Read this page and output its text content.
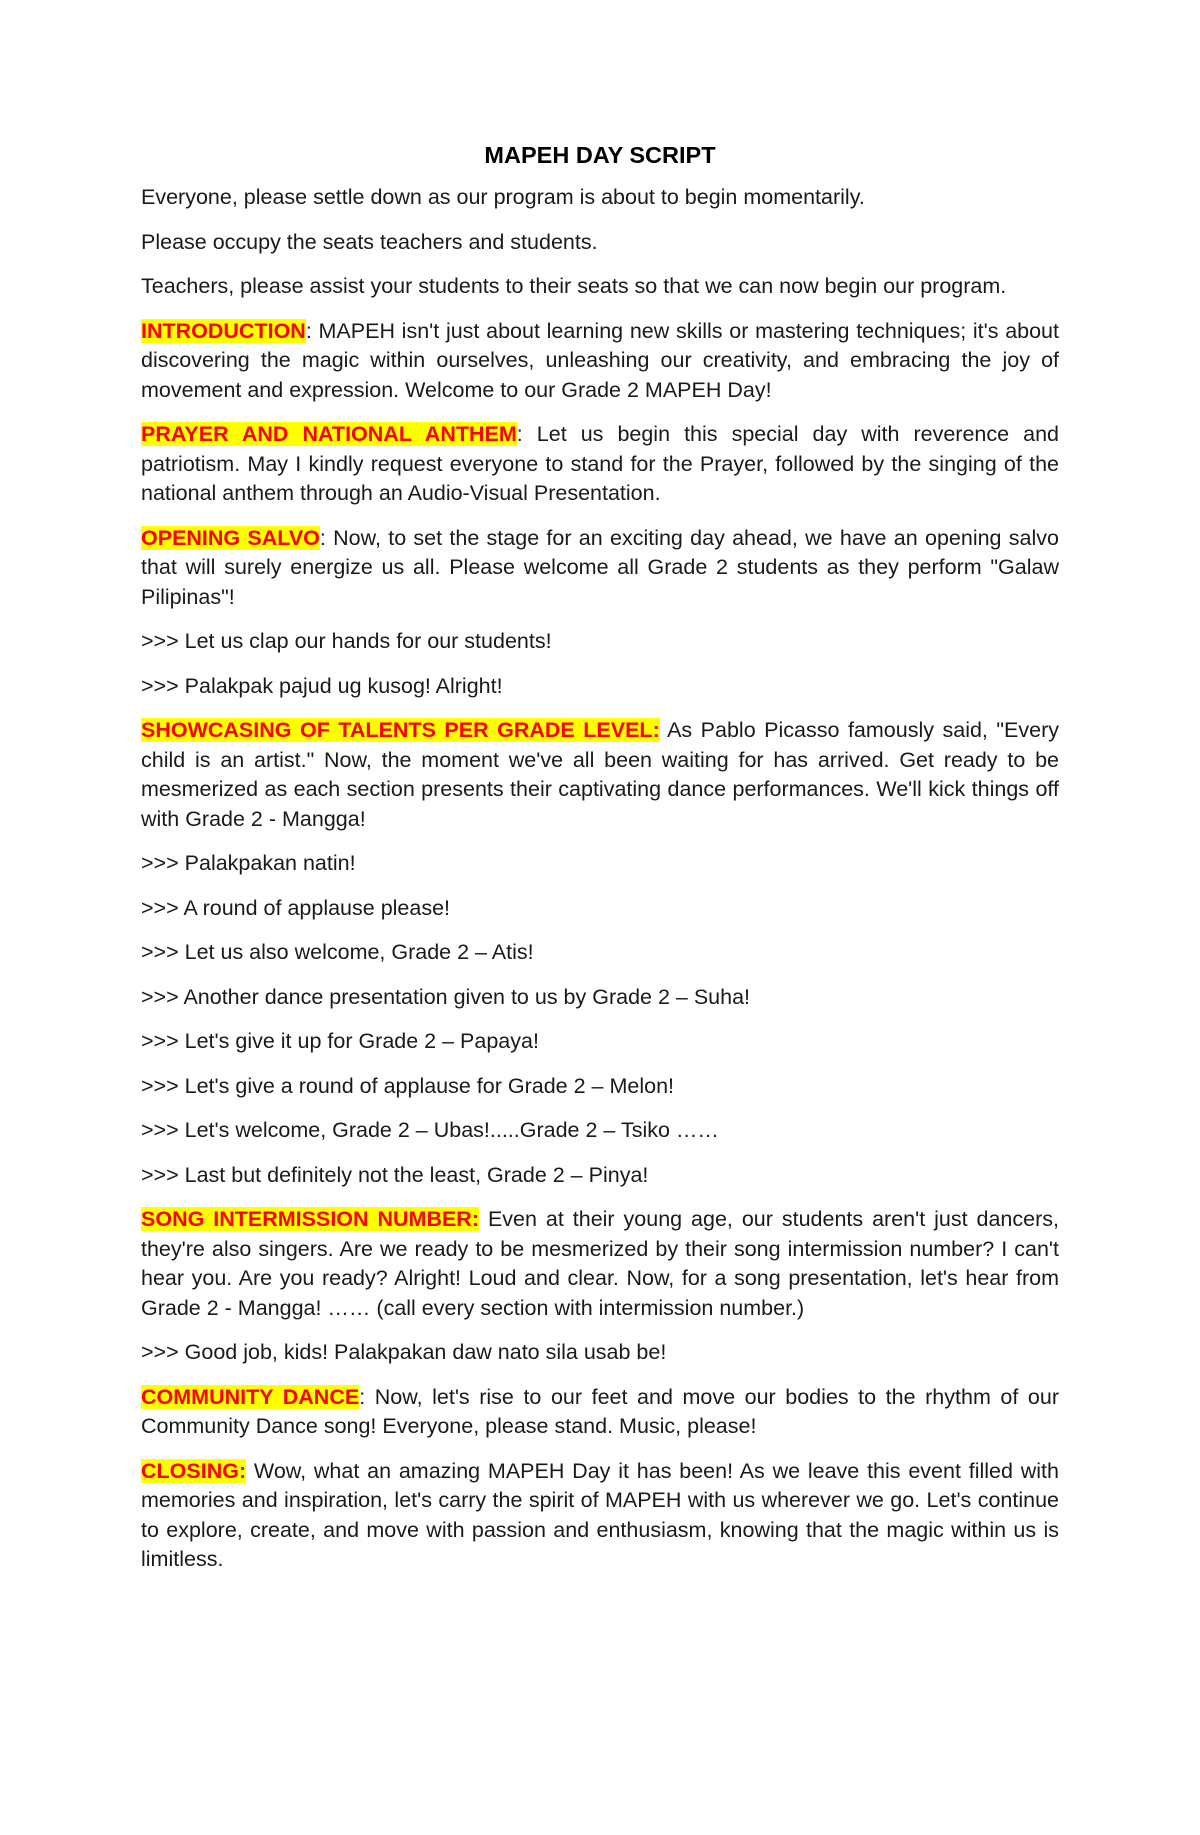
MAPEH DAY SCRIPT

Everyone, please settle down as our program is about to begin momentarily.

Please occupy the seats teachers and students.

Teachers, please assist your students to their seats so that we can now begin our program.

INTRODUCTION: MAPEH isn't just about learning new skills or mastering techniques; it's about discovering the magic within ourselves, unleashing our creativity, and embracing the joy of movement and expression. Welcome to our Grade 2 MAPEH Day!

PRAYER AND NATIONAL ANTHEM: Let us begin this special day with reverence and patriotism. May I kindly request everyone to stand for the Prayer, followed by the singing of the national anthem through an Audio-Visual Presentation.

OPENING SALVO: Now, to set the stage for an exciting day ahead, we have an opening salvo that will surely energize us all. Please welcome all Grade 2 students as they perform "Galaw Pilipinas"!

>>> Let us clap our hands for our students!

>>> Palakpak pajud ug kusog! Alright!

SHOWCASING OF TALENTS PER GRADE LEVEL: As Pablo Picasso famously said, "Every child is an artist." Now, the moment we've all been waiting for has arrived. Get ready to be mesmerized as each section presents their captivating dance performances. We'll kick things off with Grade 2 - Mangga!

>>> Palakpakan natin!

>>> A round of applause please!

>>> Let us also welcome, Grade 2 – Atis!

>>> Another dance presentation given to us by Grade 2 – Suha!

>>> Let's give it up for Grade 2 – Papaya!

>>> Let's give a round of applause for Grade 2 – Melon!

>>> Let's welcome, Grade 2 – Ubas!.....Grade 2 – Tsiko ……

>>> Last but definitely not the least, Grade 2 – Pinya!

SONG INTERMISSION NUMBER: Even at their young age, our students aren't just dancers, they're also singers. Are we ready to be mesmerized by their song intermission number? I can't hear you. Are you ready? Alright! Loud and clear. Now, for a song presentation, let's hear from Grade 2 - Mangga! …… (call every section with intermission number.)

>>> Good job, kids! Palakpakan daw nato sila usab be!

COMMUNITY DANCE: Now, let's rise to our feet and move our bodies to the rhythm of our Community Dance song! Everyone, please stand. Music, please!

CLOSING: Wow, what an amazing MAPEH Day it has been! As we leave this event filled with memories and inspiration, let's carry the spirit of MAPEH with us wherever we go. Let's continue to explore, create, and move with passion and enthusiasm, knowing that the magic within us is limitless.
